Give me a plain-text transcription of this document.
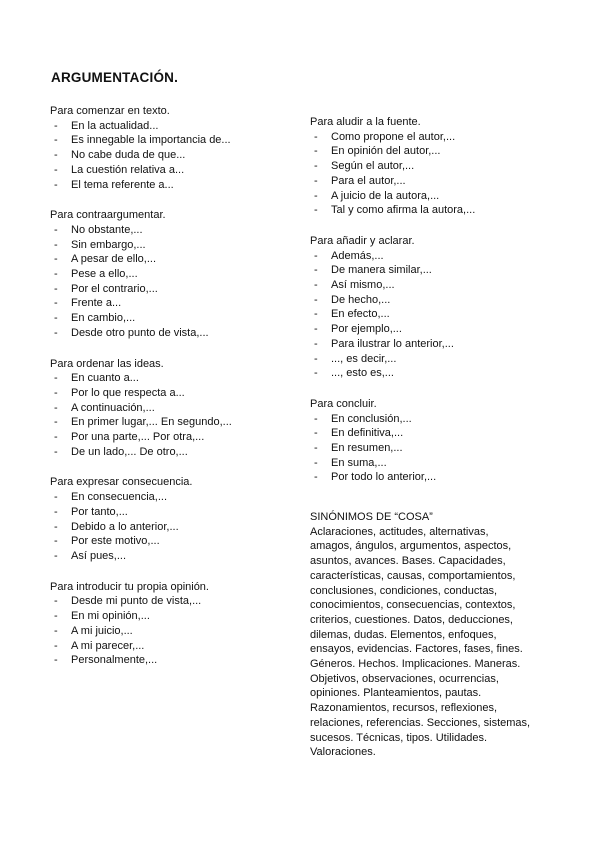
ARGUMENTACIÓN.

Para comenzar en texto.

- En la actualidad...
- Es innegable la importancia de...
- No cabe duda de que...
- La cuestión relativa a...
- El tema referente a...

Para contraargumentar.

- No obstante,...
- Sin embargo,...
- A pesar de ello,...
- Pese a ello,...
- Por el contrario,...
- Frente a...
- En cambio,...
- Desde otro punto de vista,...

Para ordenar las ideas.

- En cuanto a...
- Por lo que respecta a...
- A continuación,...
- En primer lugar,... En segundo,...
- Por una parte,... Por otra,...
- De un lado,... De otro,...

Para expresar consecuencia.

- En consecuencia,...
- Por tanto,...
- Debido a lo anterior,...
- Por este motivo,...
- Así pues,...

Para introducir tu propia opinión.

- Desde mi punto de vista,...
- En mi opinión,...
- A mi juicio,...
- A mi parecer,...
- Personalmente,...

Para aludir a la fuente.

- Como propone el autor,...
- En opinión del autor,...
- Según el autor,...
- Para el autor,...
- A juicio de la autora,...
- Tal y como afirma la autora,...

Para añadir y aclarar.

- Además,...
- De manera similar,...
- Así mismo,...
- De hecho,...
- En efecto,...
- Por ejemplo,...
- Para ilustrar lo anterior,...
- ..., es decir,...
- ..., esto es,...

Para concluir.

- En conclusión,...
- En definitiva,...
- En resumen,...
- En suma,...
- Por todo lo anterior,...

SINÓNIMOS DE “COSA”

Aclaraciones, actitudes, alternativas, amagos, ángulos, argumentos, aspectos, asuntos, avances. Bases. Capacidades, características, causas, comportamientos, conclusiones, condiciones, conductas, conocimientos, consecuencias, contextos, criterios, cuestiones. Datos, deducciones, dilemas, dudas. Elementos, enfoques, ensayos, evidencias. Factores, fases, fines. Géneros. Hechos. Implicaciones. Maneras. Objetivos, observaciones, ocurrencias, opiniones. Planteamientos, pautas. Razonamientos, recursos, reflexiones, relaciones, referencias. Secciones, sistemas, sucesos. Técnicas, tipos. Utilidades. Valoraciones.
